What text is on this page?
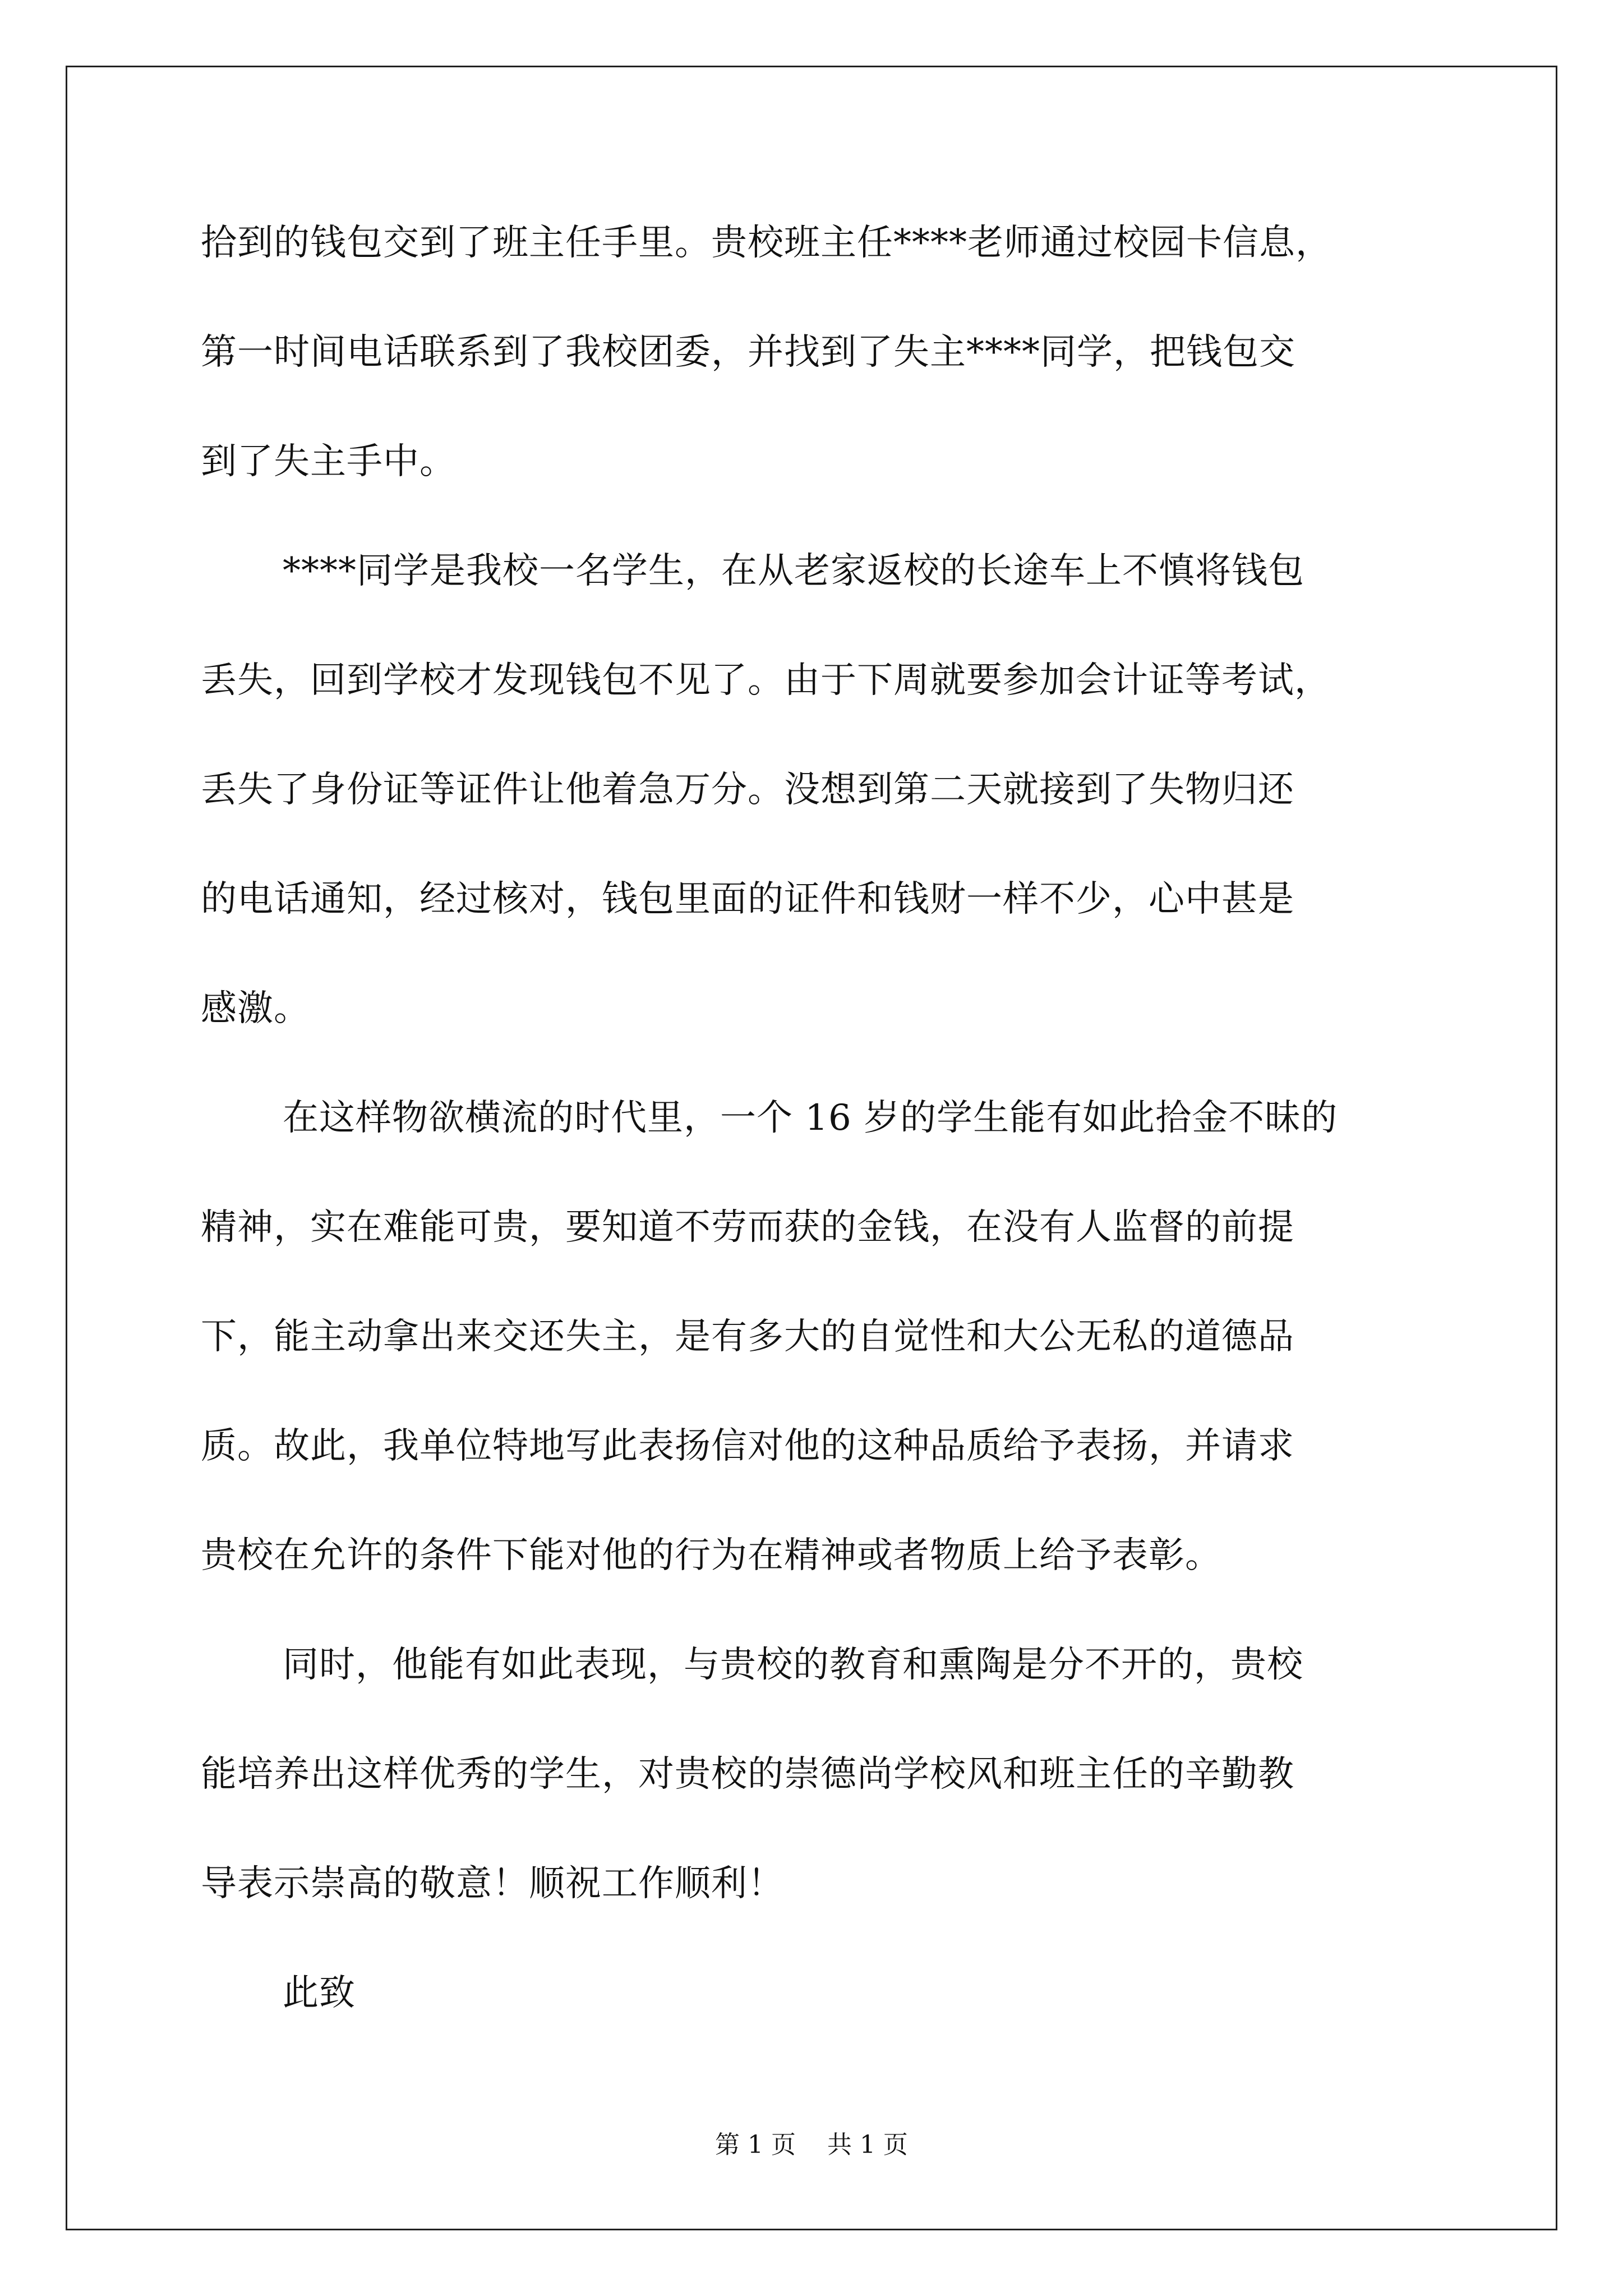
拾到的钱包交到了班主任手里。贵校班主任****老师通过校园卡信息，
第一时间电话联系到了我校团委，并找到了失主****同学，把钱包交
到了失主手中。
****同学是我校一名学生，在从老家返校的长途车上不慎将钱包
丢失，回到学校才发现钱包不见了。由于下周就要参加会计证等考试，
丢失了身份证等证件让他着急万分。没想到第二天就接到了失物归还
的电话通知，经过核对，钱包里面的证件和钱财一样不少，心中甚是
感激。
在这样物欲横流的时代里，一个 16 岁的学生能有如此拾金不昧的
精神，实在难能可贵，要知道不劳而获的金钱，在没有人监督的前提
下，能主动拿出来交还失主，是有多大的自觉性和大公无私的道德品
质。故此，我单位特地写此表扬信对他的这种品质给予表扬，并请求
贵校在允许的条件下能对他的行为在精神或者物质上给予表彰。
同时，他能有如此表现，与贵校的教育和熏陶是分不开的，贵校
能培养出这样优秀的学生，对贵校的崇德尚学校风和班主任的辛勤教
导表示崇高的敬意！顺祝工作顺利！
此致
第 1 页 共 1 页
